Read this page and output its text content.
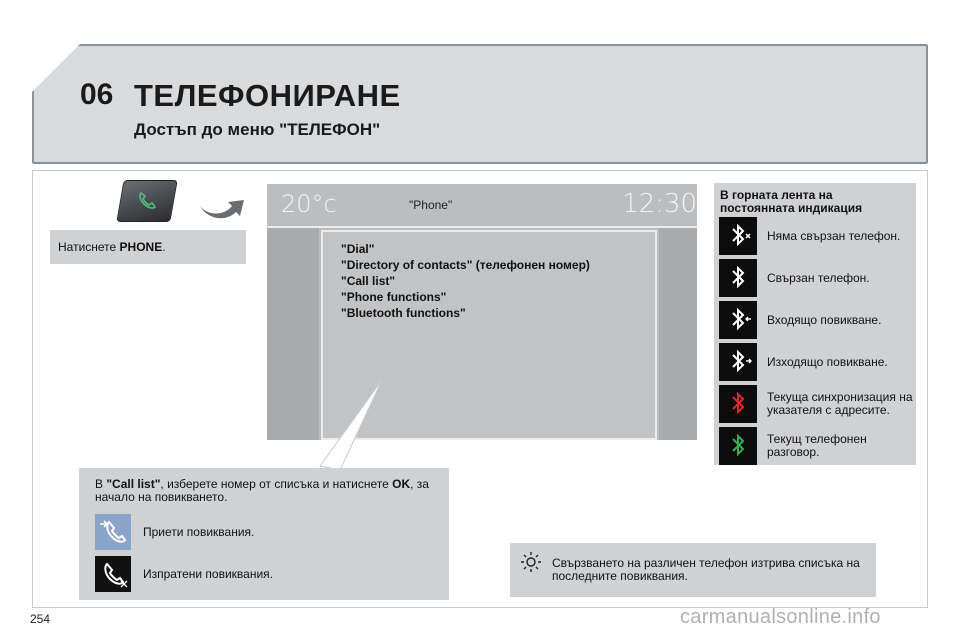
06 ТЕЛЕФОНИРАНЕ
Достъп до меню "ТЕЛЕФОН"
Натиснете PHONE.
20°c	"Phone"	12:30
"Dial"
"Directory of contacts" (телефонен номер)
"Call list"
"Phone functions"
"Bluetooth functions"
В горната лента на постоянната индикация
Няма свързан телефон.
Свързан телефон.
Входящо повикване.
Изходящо повикване.
Текуща синхронизация на указателя с адресите.
Текущ телефонен разговор.
В "Call list", изберете номер от списъка и натиснете OK, за начало на повикването.
Приети повиквания.
Изпратени повиквания.
Свързването на различен телефон изтрива списъка на последните повиквания.
254	carmanualsonline.info
